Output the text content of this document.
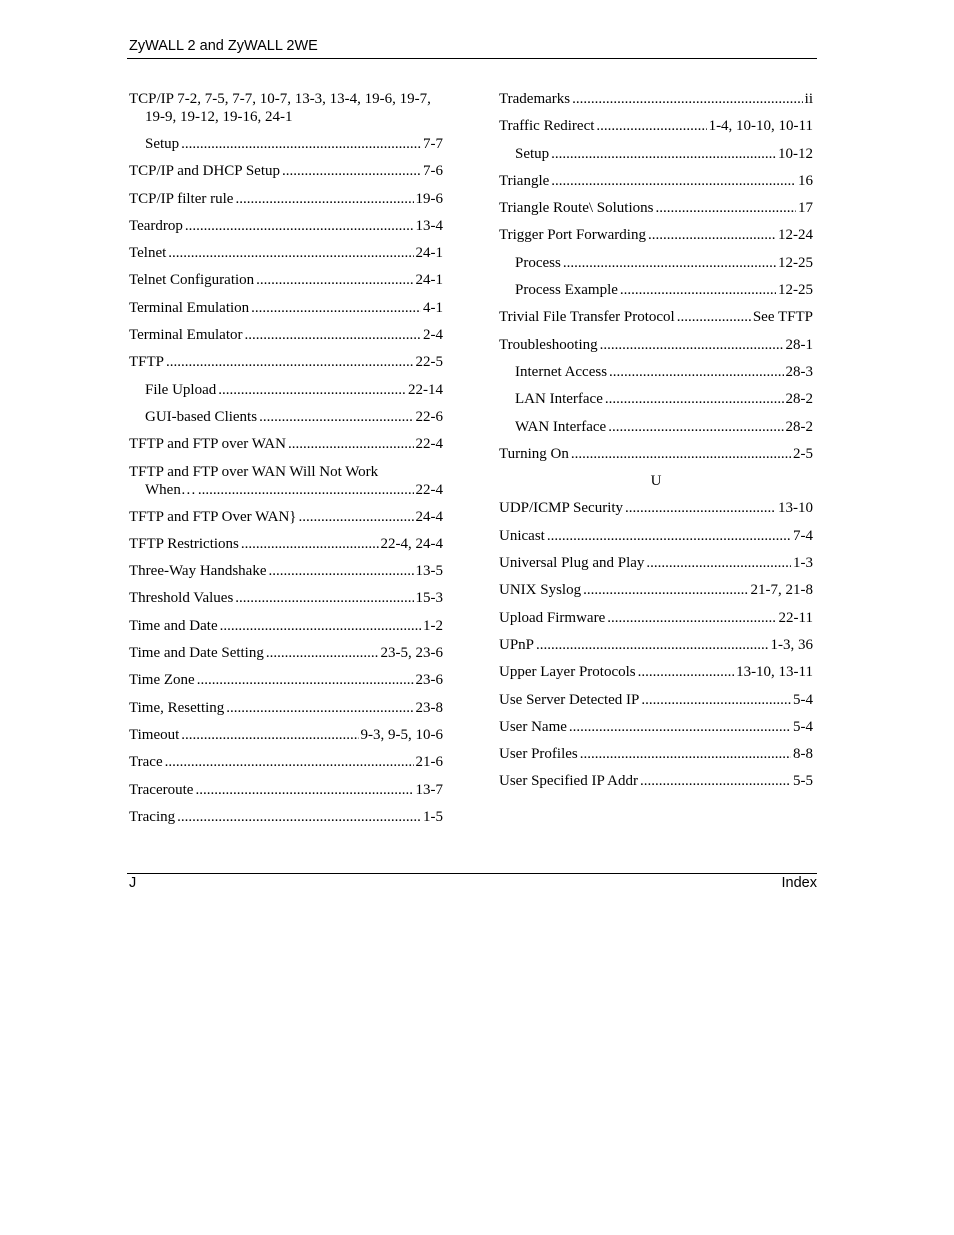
ZyWALL 2 and ZyWALL 2WE
TCP/IP 7-2, 7-5, 7-7, 10-7, 13-3, 13-4, 19-6, 19-7,
19-9, 19-12, 19-16, 24-1
Setup .....	7-7
TCP/IP and DHCP Setup .....	7-6
TCP/IP filter rule .....	19-6
Teardrop .....	13-4
Telnet .....	24-1
Telnet Configuration .....	24-1
Terminal Emulation .....	4-1
Terminal Emulator .....	2-4
TFTP .....	22-5
File Upload .....	22-14
GUI-based Clients .....	22-6
TFTP and FTP over WAN .....	22-4
TFTP and FTP over WAN Will Not Work
When… .....	22-4
TFTP and FTP Over WAN} .....	24-4
TFTP Restrictions .....	22-4, 24-4
Three-Way Handshake .....	13-5
Threshold Values .....	15-3
Time and Date .....	1-2
Time and Date Setting .....	23-5, 23-6
Time Zone .....	23-6
Time, Resetting .....	23-8
Timeout .....	9-3, 9-5, 10-6
Trace .....	21-6
Traceroute .....	13-7
Tracing .....	1-5
Trademarks .....	ii
Traffic Redirect .....	1-4, 10-10, 10-11
Setup .....	10-12
Triangle .....	16
Triangle Route\ Solutions .....	17
Trigger Port Forwarding .....	12-24
Process .....	12-25
Process Example .....	12-25
Trivial File Transfer Protocol .....	See TFTP
Troubleshooting .....	28-1
Internet Access .....	28-3
LAN Interface .....	28-2
WAN Interface .....	28-2
Turning On .....	2-5
U
UDP/ICMP Security .....	13-10
Unicast .....	7-4
Universal Plug and Play .....	1-3
UNIX Syslog .....	21-7, 21-8
Upload Firmware .....	22-11
UPnP .....	1-3, 36
Upper Layer Protocols .....	13-10, 13-11
Use Server Detected IP .....	5-4
User Name .....	5-4
User Profiles .....	8-8
User Specified IP Addr .....	5-5
J	Index
